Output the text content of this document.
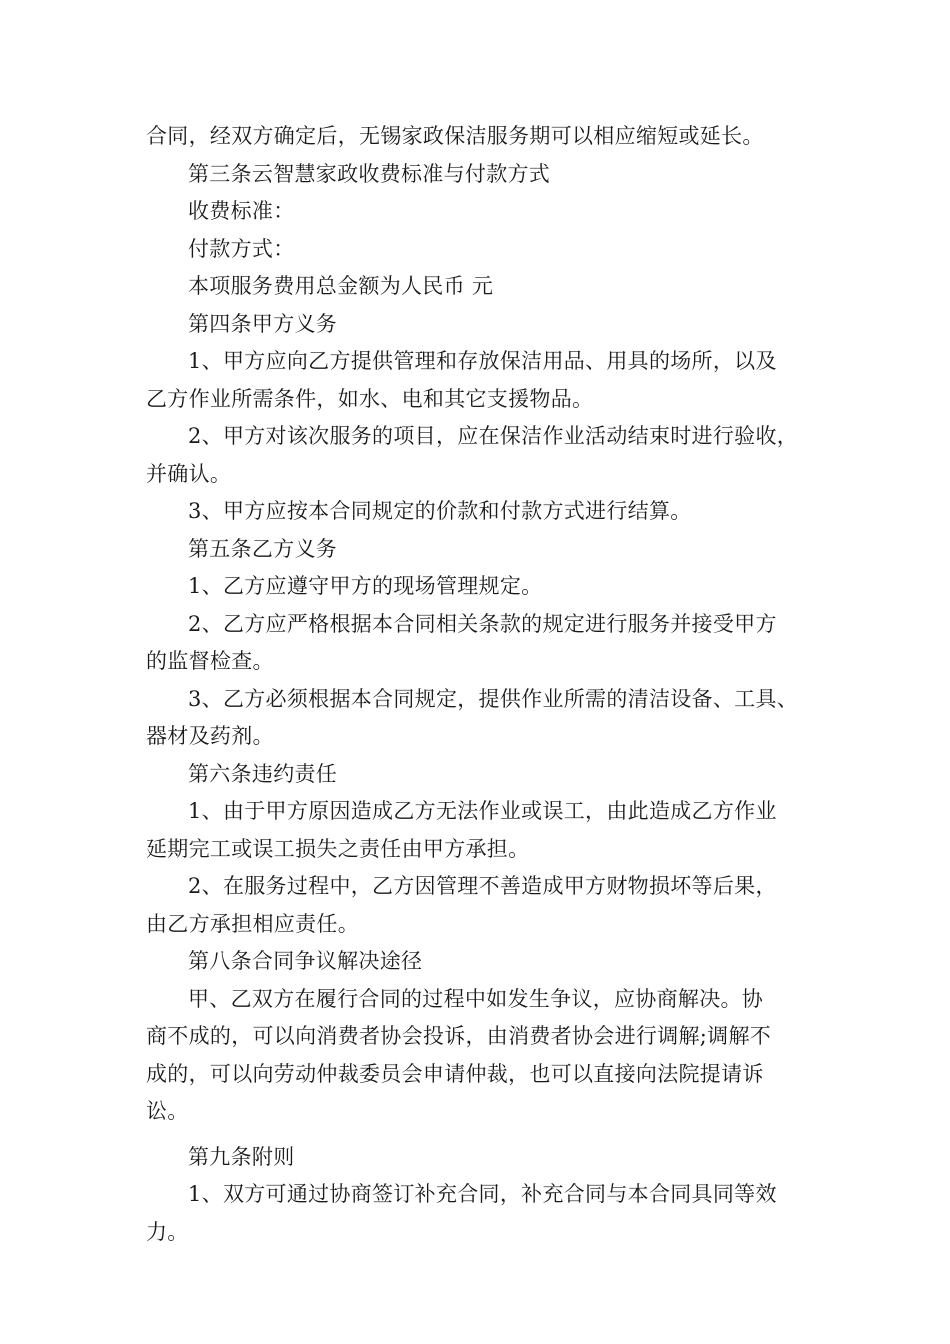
合同，经双方确定后，无锡家政保洁服务期可以相应缩短或延长。
第三条云智慧家政收费标准与付款方式
收费标准：
付款方式：
本项服务费用总金额为人民币 元
第四条甲方义务
1、甲方应向乙方提供管理和存放保洁用品、用具的场所，以及
乙方作业所需条件，如水、电和其它支援物品。
2、甲方对该次服务的项目，应在保洁作业活动结束时进行验收，
并确认。
3、甲方应按本合同规定的价款和付款方式进行结算。
第五条乙方义务
1、乙方应遵守甲方的现场管理规定。
2、乙方应严格根据本合同相关条款的规定进行服务并接受甲方
的监督检查。
3、乙方必须根据本合同规定，提供作业所需的清洁设备、工具、
器材及药剂。
第六条违约责任
1、由于甲方原因造成乙方无法作业或误工，由此造成乙方作业
延期完工或误工损失之责任由甲方承担。
2、在服务过程中，乙方因管理不善造成甲方财物损坏等后果，
由乙方承担相应责任。
第八条合同争议解决途径
甲、乙双方在履行合同的过程中如发生争议，应协商解决。协
商不成的，可以向消费者协会投诉，由消费者协会进行调解;调解不
成的，可以向劳动仲裁委员会申请仲裁，也可以直接向法院提请诉
讼。
第九条附则
1、双方可通过协商签订补充合同，补充合同与本合同具同等效
力。
